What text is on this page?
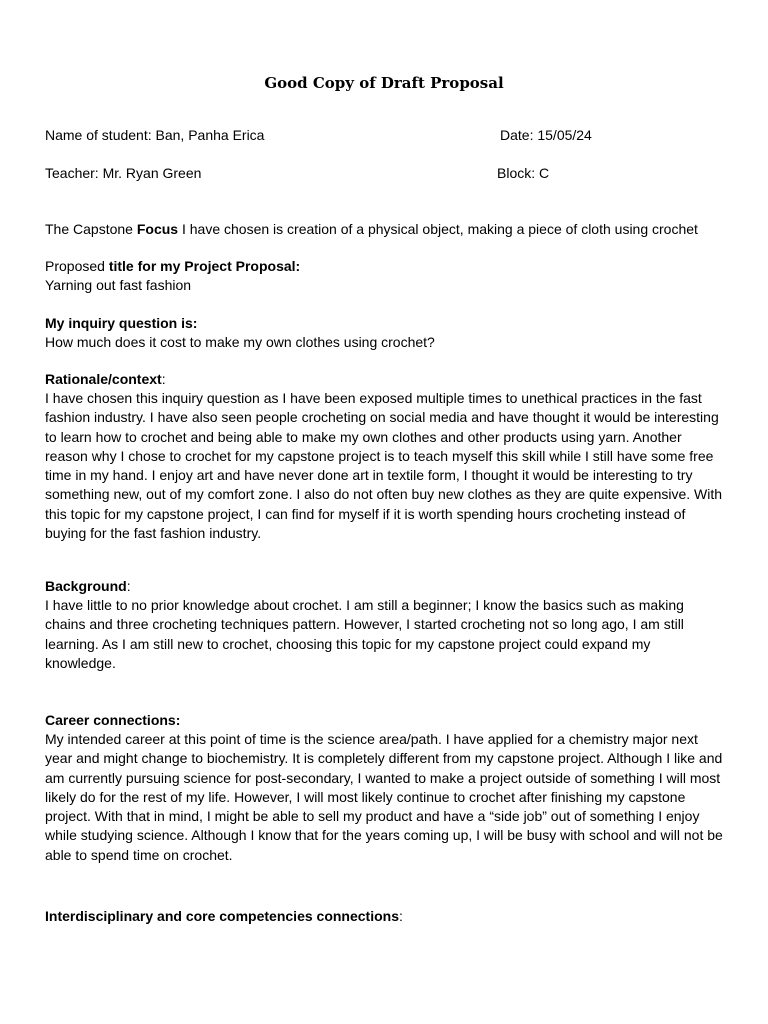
Good Copy of Draft Proposal
Name of student: Ban, Panha Erica	Date: 15/05/24
Teacher: Mr. Ryan Green	Block: C
The Capstone Focus I have chosen is creation of a physical object, making a piece of cloth using crochet
Proposed title for my Project Proposal:
Yarning out fast fashion
My inquiry question is:
How much does it cost to make my own clothes using crochet?
Rationale/context:

I have chosen this inquiry question as I have been exposed multiple times to unethical practices in the fast fashion industry. I have also seen people crocheting on social media and have thought it would be interesting to learn how to crochet and being able to make my own clothes and other products using yarn. Another reason why I chose to crochet for my capstone project is to teach myself this skill while I still have some free time in my hand. I enjoy art and have never done art in textile form, I thought it would be interesting to try something new, out of my comfort zone. I also do not often buy new clothes as they are quite expensive. With this topic for my capstone project, I can find for myself if it is worth spending hours crocheting instead of buying for the fast fashion industry.

Background:

I have little to no prior knowledge about crochet. I am still a beginner; I know the basics such as making chains and three crocheting techniques pattern. However, I started crocheting not so long ago, I am still learning. As I am still new to crochet, choosing this topic for my capstone project could expand my knowledge.

Career connections:

My intended career at this point of time is the science area/path. I have applied for a chemistry major next year and might change to biochemistry. It is completely different from my capstone project. Although I like and am currently pursuing science for post-secondary, I wanted to make a project outside of something I will most likely do for the rest of my life. However, I will most likely continue to crochet after finishing my capstone project. With that in mind, I might be able to sell my product and have a “side job” out of something I enjoy while studying science. Although I know that for the years coming up, I will be busy with school and will not be able to spend time on crochet.

Interdisciplinary and core competencies connections:
